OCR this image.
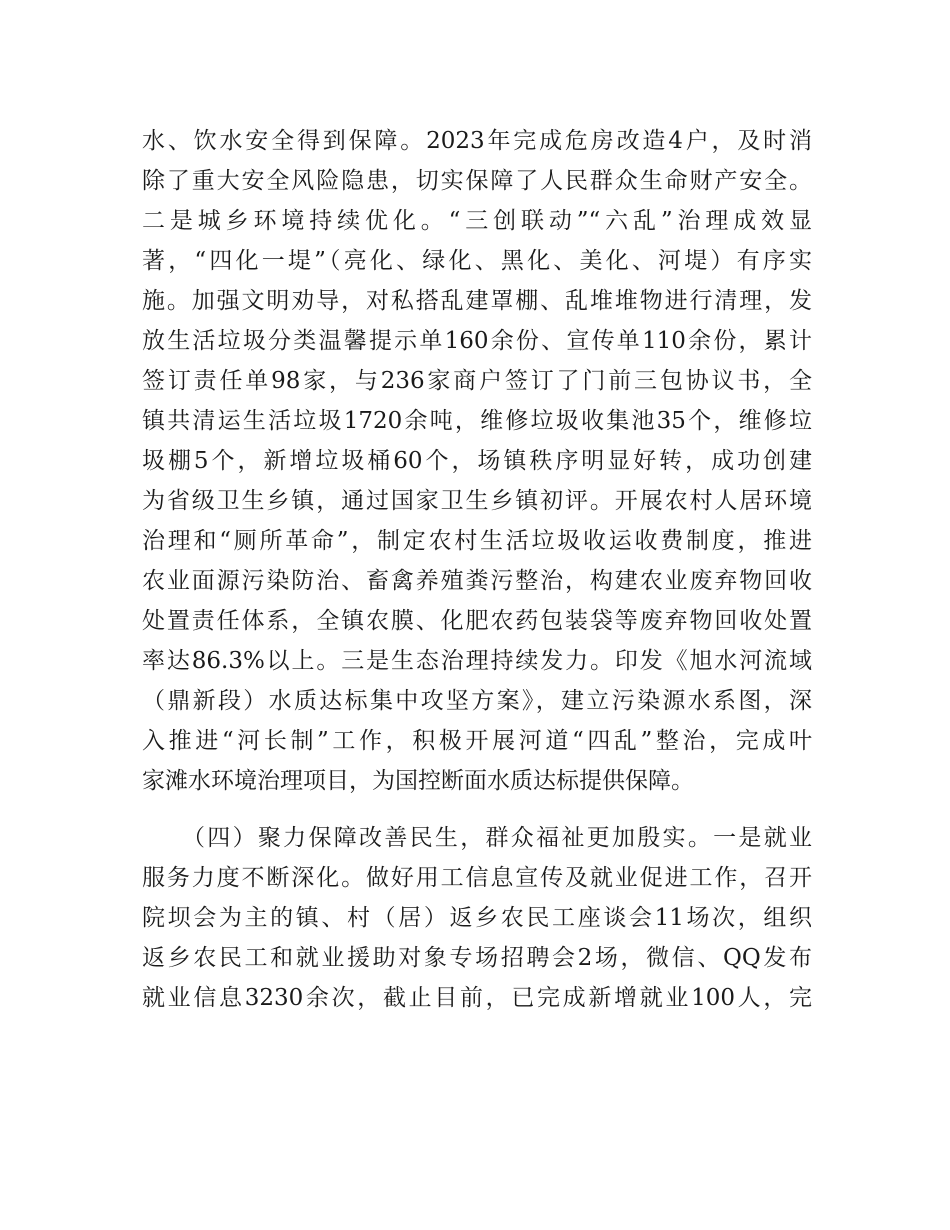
水、饮水安全得到保障。2023年完成危房改造4户，及时消
除了重大安全风险隐患，切实保障了人民群众生命财产安全。
二是城乡环境持续优化。“三创联动”“六乱”治理成效显
著，“四化一堤”（亮化、绿化、黑化、美化、河堤）有序实
施。加强文明劝导，对私搭乱建罩棚、乱堆堆物进行清理，发
放生活垃圾分类温馨提示单160余份、宣传单110余份，累计
签订责任单98家，与236家商户签订了门前三包协议书，全
镇共清运生活垃圾1720余吨，维修垃圾收集池35个，维修垃
圾棚5个，新增垃圾桶60个，场镇秩序明显好转，成功创建
为省级卫生乡镇，通过国家卫生乡镇初评。开展农村人居环境
治理和“厕所革命”，制定农村生活垃圾收运收费制度，推进
农业面源污染防治、畜禽养殖粪污整治，构建农业废弃物回收
处置责任体系，全镇农膜、化肥农药包装袋等废弃物回收处置
率达86.3%以上。三是生态治理持续发力。印发《旭水河流域
（鼎新段）水质达标集中攻坚方案》，建立污染源水系图，深
入推进“河长制”工作，积极开展河道“四乱”整治，完成叶
家滩水环境治理项目，为国控断面水质达标提供保障。
（四）聚力保障改善民生，群众福祉更加殷实。一是就业
服务力度不断深化。做好用工信息宣传及就业促进工作，召开
院坝会为主的镇、村（居）返乡农民工座谈会11场次，组织
返乡农民工和就业援助对象专场招聘会2场，微信、QQ发布
就业信息3230余次，截止目前，已完成新增就业100人，完
